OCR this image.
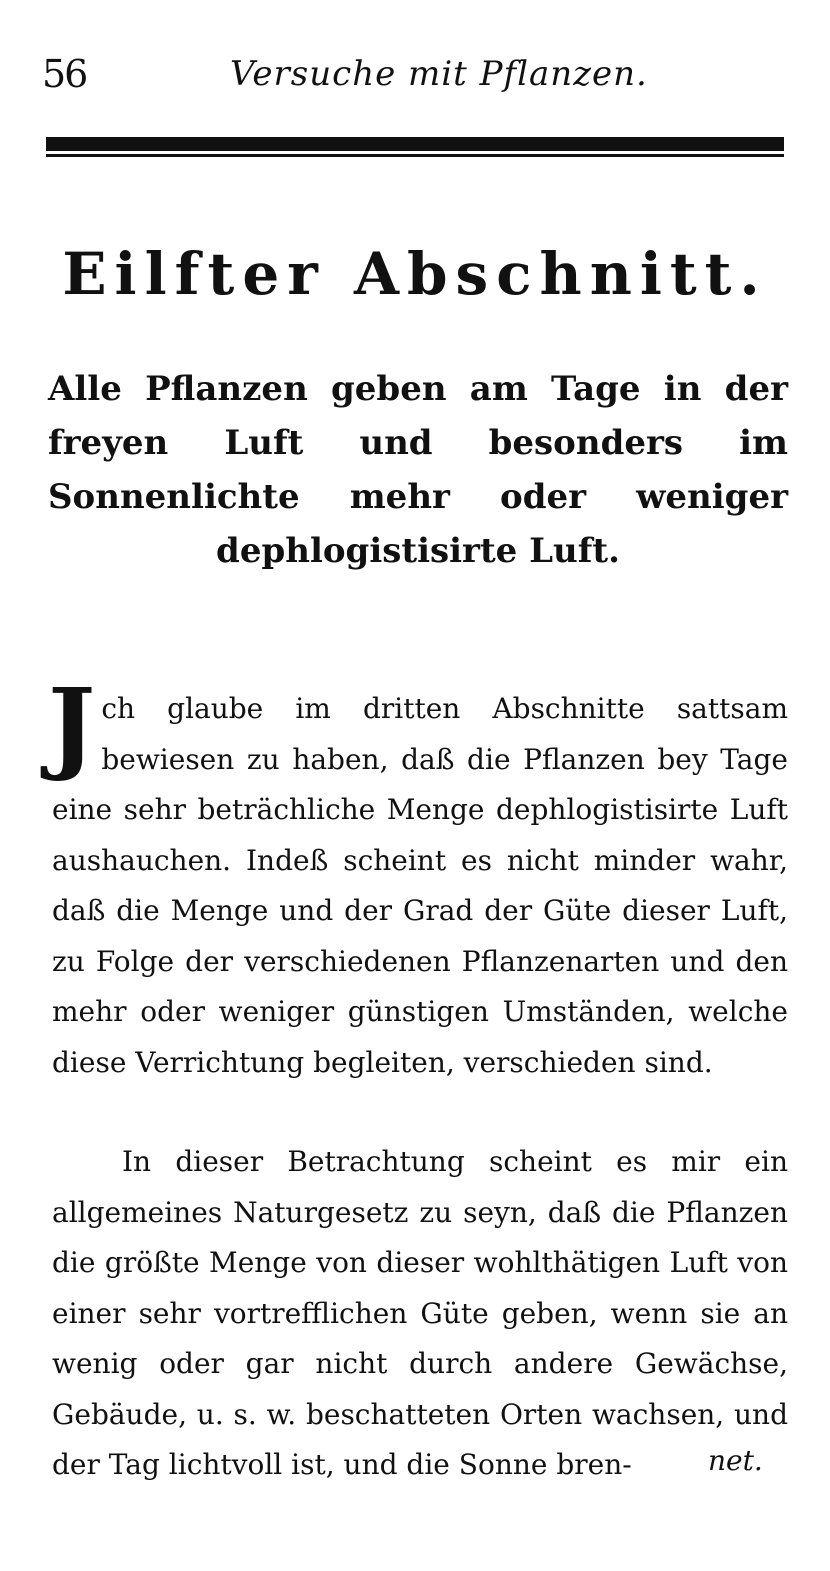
56	Versuche mit Pflanzen.
Eilfter Abschnitt.
Alle Pflanzen geben am Tage in der freyen Luft und besonders im Sonnenlichte mehr oder weniger dephlogistisirte Luft.
Jch glaube im dritten Abschnitte sattsam bewiesen zu haben, daß die Pflanzen bey Tage eine sehr beträchliche Menge dephlogistisirte Luft aushauchen. Indeß scheint es nicht minder wahr, daß die Menge und der Grad der Güte dieser Luft, zu Folge der verschiedenen Pflanzenarten und den mehr oder weniger günstigen Umständen, welche diese Verrichtung begleiten, verschieden sind.
In dieser Betrachtung scheint es mir ein allgemeines Naturgesetz zu seyn, daß die Pflanzen die größte Menge von dieser wohlthätigen Luft von einer sehr vortrefflichen Güte geben, wenn sie an wenig oder gar nicht durch andere Gewächse, Gebäude, u. s. w. beschatteten Orten wachsen, und der Tag lichtvoll ist, und die Sonne bren-	net.
